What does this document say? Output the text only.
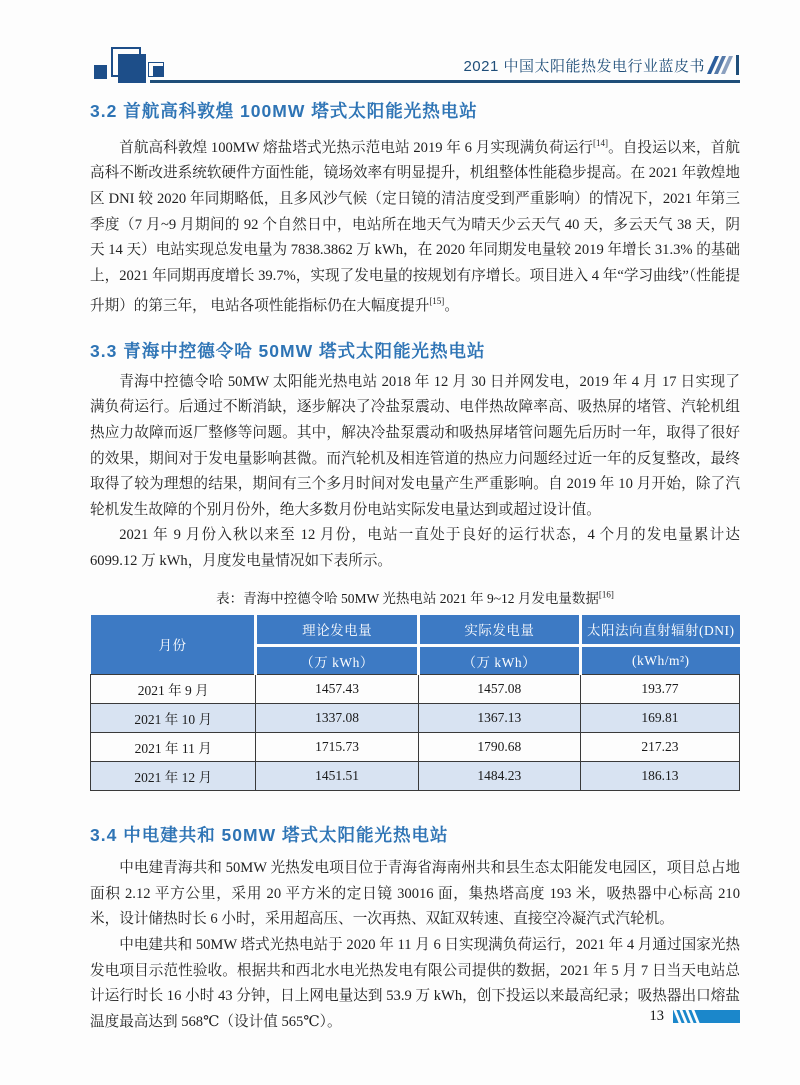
2021 中国太阳能热发电行业蓝皮书
3.2 首航高科敦煌 100MW 塔式太阳能光热电站

首航高科敦煌 100MW 熔盐塔式光热示范电站 2019 年 6 月实现满负荷运行[14]。自投运以来，首航高科不断改进系统软硬件方面性能，镜场效率有明显提升，机组整体性能稳步提高。在 2021 年敦煌地区 DNI 较 2020 年同期略低，且多风沙气候（定日镜的清洁度受到严重影响）的情况下，2021 年第三季度（7 月~9 月期间的 92 个自然日中，电站所在地天气为晴天少云天气 40 天，多云天气 38 天，阴天 14 天）电站实现总发电量为 7838.3862 万 kWh，在 2020 年同期发电量较 2019 年增长 31.3% 的基础上，2021 年同期再度增长 39.7%，实现了发电量的按规划有序增长。项目进入 4 年“学习曲线”（性能提升期）的第三年， 电站各项性能指标仍在大幅度提升[15]。

3.3 青海中控德令哈 50MW 塔式太阳能光热电站

青海中控德令哈 50MW 太阳能光热电站 2018 年 12 月 30 日并网发电，2019 年 4 月 17 日实现了满负荷运行。后通过不断消缺，逐步解决了冷盐泵震动、电伴热故障率高、吸热屏的堵管、汽轮机组热应力故障而返厂整修等问题。其中，解决冷盐泵震动和吸热屏堵管问题先后历时一年，取得了很好的效果，期间对于发电量影响甚微。而汽轮机及相连管道的热应力问题经过近一年的反复整改，最终取得了较为理想的结果，期间有三个多月时间对发电量产生严重影响。自 2019 年 10 月开始，除了汽轮机发生故障的个别月份外，绝大多数月份电站实际发电量达到或超过设计值。

2021 年 9 月份入秋以来至 12 月份，电站一直处于良好的运行状态，4 个月的发电量累计达 6099.12 万 kWh，月度发电量情况如下表所示。

表：青海中控德令哈 50MW 光热电站 2021 年 9~12 月发电量数据[16]
月份	理论发电量	实际发电量	太阳法向直射辐射(DNI)
	（万 kWh）	（万 kWh）	(kWh/m²)
2021 年 9 月	1457.43	1457.08	193.77
2021 年 10 月	1337.08	1367.13	169.81
2021 年 11 月	1715.73	1790.68	217.23
2021 年 12 月	1451.51	1484.23	186.13
3.4 中电建共和 50MW 塔式太阳能光热电站

中电建青海共和 50MW 光热发电项目位于青海省海南州共和县生态太阳能发电园区，项目总占地面积 2.12 平方公里，采用 20 平方米的定日镜 30016 面，集热塔高度 193 米，吸热器中心标高 210 米，设计储热时长 6 小时，采用超高压、一次再热、双缸双转速、直接空冷凝汽式汽轮机。

中电建共和 50MW 塔式光热电站于 2020 年 11 月 6 日实现满负荷运行，2021 年 4 月通过国家光热发电项目示范性验收。根据共和西北水电光热发电有限公司提供的数据，2021 年 5 月 7 日当天电站总计运行时长 16 小时 43 分钟，日上网电量达到 53.9 万 kWh，创下投运以来最高纪录；吸热器出口熔盐温度最高达到 568℃（设计值 565℃）。	13
